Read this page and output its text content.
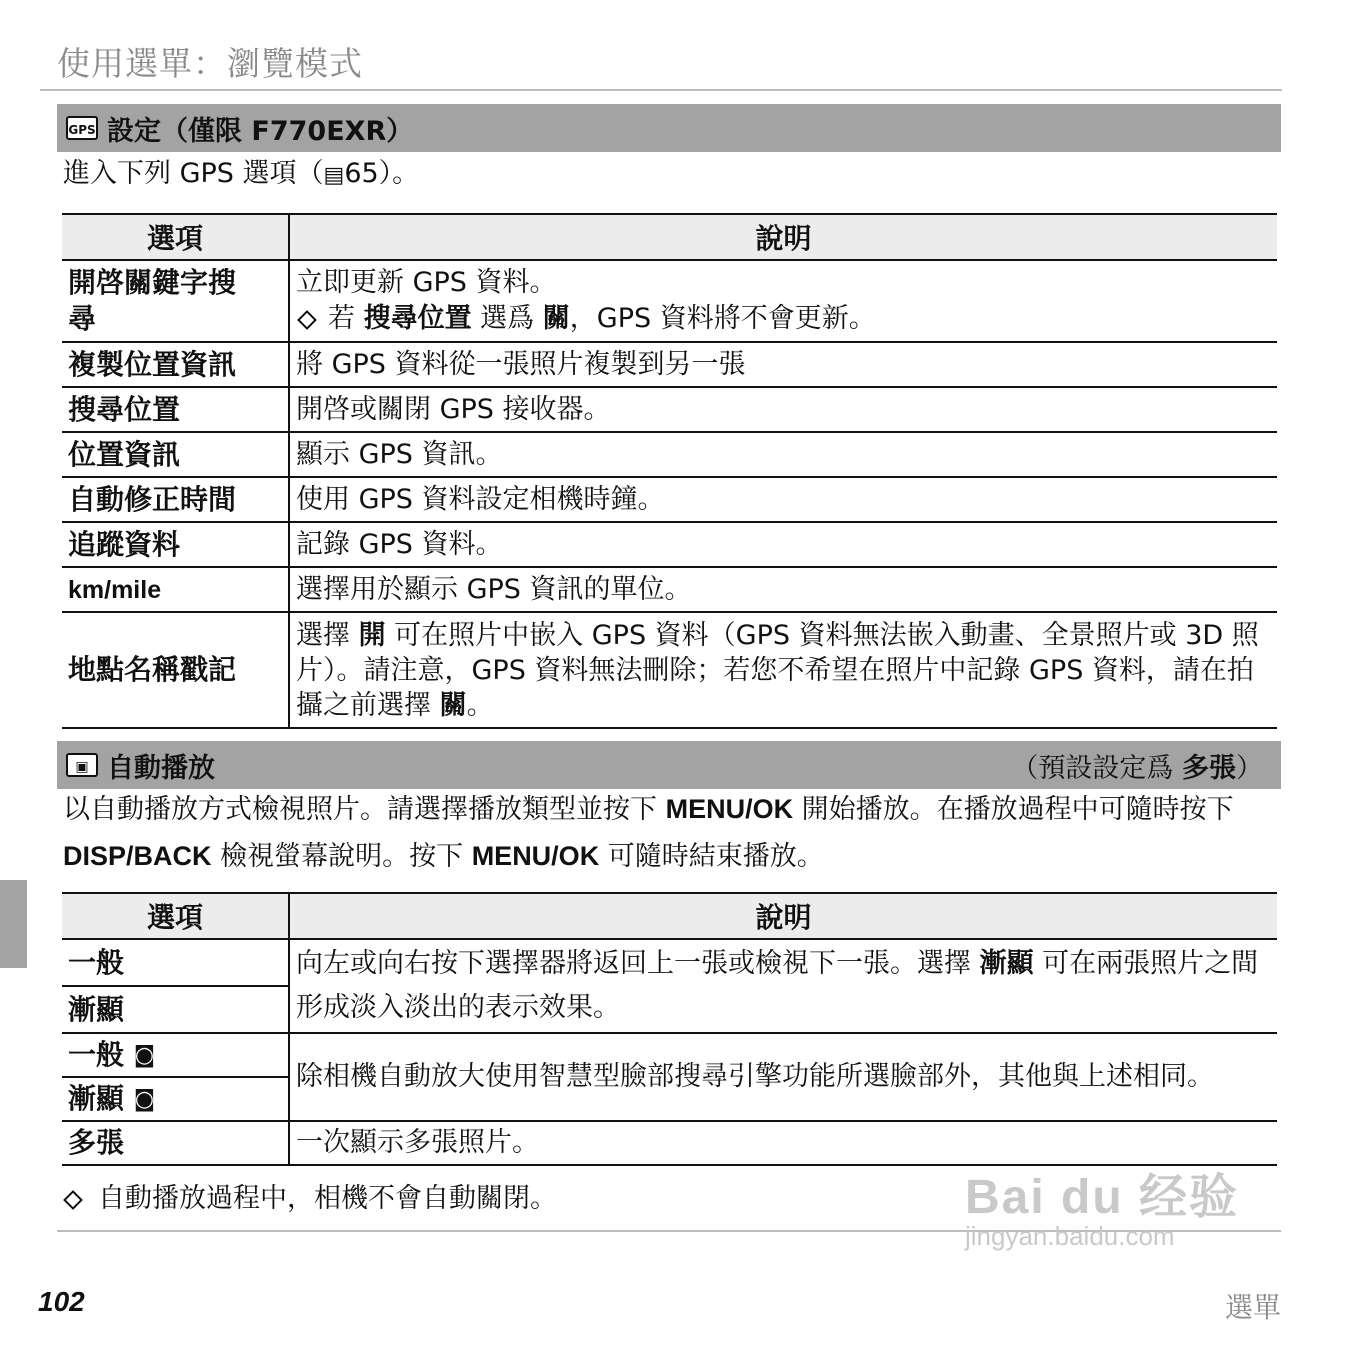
使用選單：瀏覽模式
GPS 設定（僅限 F770EXR）
進入下列 GPS 選項（▤65）。
選項	說明

開啓關鍵字搜尋	立即更新 GPS 資料。
若 搜尋位置 選爲 關，GPS 資料將不會更新。

複製位置資訊	將 GPS 資料從一張照片複製到另一張
搜尋位置	開啓或關閉 GPS 接收器。
位置資訊	顯示 GPS 資訊。
自動修正時間	使用 GPS 資料設定相機時鐘。
追蹤資料	記錄 GPS 資料。
km/mile	選擇用於顯示 GPS 資訊的單位。
地點名稱戳記	選擇 開 可在照片中嵌入 GPS 資料（GPS 資料無法嵌入動畫、全景照片或 3D 照片）。請注意，GPS 資料無法刪除；若您不希望在照片中記錄 GPS 資料，請在拍攝之前選擇 關。
▣ 自動播放	（預設設定爲 多張）
以自動播放方式檢視照片。請選擇播放類型並按下 MENU/OK 開始播放。在播放過程中可隨時按下 DISP/BACK 檢視螢幕說明。按下 MENU/OK 可隨時結束播放。
選項	說明
一般	向左或向右按下選擇器將返回上一張或檢視下一張。選擇 漸顯 可在兩張照片之間形成淡入淡出的表示效果。
漸顯	
一般 ◙	除相機自動放大使用智慧型臉部搜尋引擎功能所選臉部外，其他與上述相同。
漸顯 ◙	
多張	一次顯示多張照片。
自動播放過程中，相機不會自動關閉。
102	選單
Bai du 经验
jingyan.baidu.com
